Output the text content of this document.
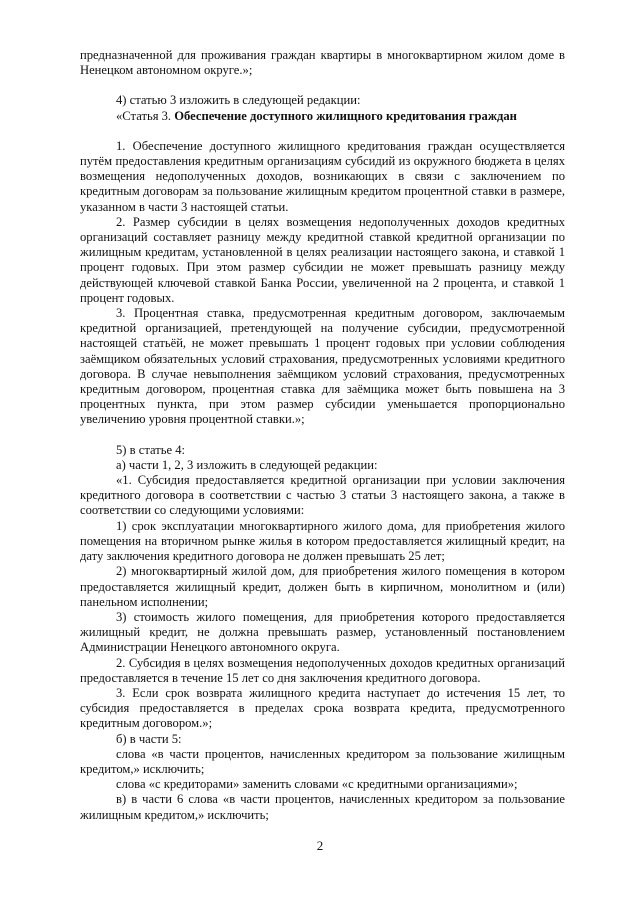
предназначенной для проживания граждан квартиры в многоквартирном жилом доме в Ненецком автономном округе.»;

4) статью 3 изложить в следующей редакции:

«Статья 3. Обеспечение доступного жилищного кредитования граждан

1. Обеспечение доступного жилищного кредитования граждан осуществляется путём предоставления кредитным организациям субсидий из окружного бюджета в целях возмещения недополученных доходов, возникающих в связи с заключением по кредитным договорам за пользование жилищным кредитом процентной ставки в размере, указанном в части 3 настоящей статьи.

2. Размер субсидии в целях возмещения недополученных доходов кредитных организаций составляет разницу между кредитной ставкой кредитной организации по жилищным кредитам, установленной в целях реализации настоящего закона, и ставкой 1 процент годовых. При этом размер субсидии не может превышать разницу между действующей ключевой ставкой Банка России, увеличенной на 2 процента, и ставкой 1 процент годовых.

3. Процентная ставка, предусмотренная кредитным договором, заключаемым кредитной организацией, претендующей на получение субсидии, предусмотренной настоящей статьёй, не может превышать 1 процент годовых при условии соблюдения заёмщиком обязательных условий страхования, предусмотренных условиями кредитного договора. В случае невыполнения заёмщиком условий страхования, предусмотренных кредитным договором, процентная ставка для заёмщика может быть повышена на 3 процентных пункта, при этом размер субсидии уменьшается пропорционально увеличению уровня процентной ставки.»;

5) в статье 4:

а) части 1, 2, 3 изложить в следующей редакции:

«1. Субсидия предоставляется кредитной организации при условии заключения кредитного договора в соответствии с частью 3 статьи 3 настоящего закона, а также в соответствии со следующими условиями:

1) срок эксплуатации многоквартирного жилого дома, для приобретения жилого помещения на вторичном рынке жилья в котором предоставляется жилищный кредит, на дату заключения кредитного договора не должен превышать 25 лет;

2) многоквартирный жилой дом, для приобретения жилого помещения в котором предоставляется жилищный кредит, должен быть в кирпичном, монолитном и (или) панельном исполнении;

3) стоимость жилого помещения, для приобретения которого предоставляется жилищный кредит, не должна превышать размер, установленный постановлением Администрации Ненецкого автономного округа.

2. Субсидия в целях возмещения недополученных доходов кредитных организаций предоставляется в течение 15 лет со дня заключения кредитного договора.

3. Если срок возврата жилищного кредита наступает до истечения 15 лет, то субсидия предоставляется в пределах срока возврата кредита, предусмотренного кредитным договором.»;

б) в части 5:

слова «в части процентов, начисленных кредитором за пользование жилищным кредитом,» исключить;

слова «с кредиторами» заменить словами «с кредитными организациями»;

в) в части 6 слова «в части процентов, начисленных кредитором за пользование жилищным кредитом,» исключить;

2
